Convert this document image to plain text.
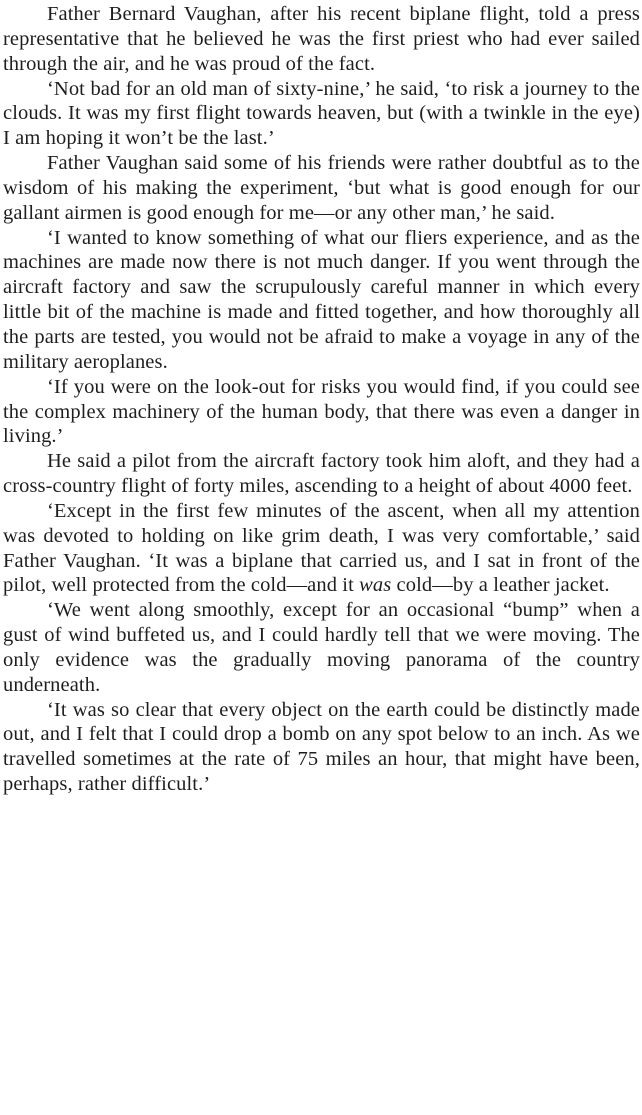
Father Bernard Vaughan, after his recent biplane flight, told a press representative that he believed he was the first priest who had ever sailed through the air, and he was proud of the fact.

‘Not bad for an old man of sixty-nine,’ he said, ‘to risk a journey to the clouds. It was my first flight towards heaven, but (with a twinkle in the eye) I am hoping it won’t be the last.’

Father Vaughan said some of his friends were rather doubtful as to the wisdom of his making the experiment, ‘but what is good enough for our gallant airmen is good enough for me—or any other man,’ he said.

‘I wanted to know something of what our fliers experience, and as the machines are made now there is not much danger. If you went through the aircraft factory and saw the scrupulously careful manner in which every little bit of the machine is made and fitted together, and how thoroughly all the parts are tested, you would not be afraid to make a voyage in any of the military aeroplanes.

‘If you were on the look-out for risks you would find, if you could see the complex machinery of the human body, that there was even a danger in living.’

He said a pilot from the aircraft factory took him aloft, and they had a cross-country flight of forty miles, ascending to a height of about 4000 feet.

‘Except in the first few minutes of the ascent, when all my attention was devoted to holding on like grim death, I was very comfortable,’ said Father Vaughan. ‘It was a biplane that carried us, and I sat in front of the pilot, well protected from the cold—and it was cold—by a leather jacket.

‘We went along smoothly, except for an occasional “bump” when a gust of wind buffeted us, and I could hardly tell that we were moving. The only evidence was the gradually moving panorama of the country underneath.

‘It was so clear that every object on the earth could be distinctly made out, and I felt that I could drop a bomb on any spot below to an inch. As we travelled sometimes at the rate of 75 miles an hour, that might have been, perhaps, rather difficult.’
